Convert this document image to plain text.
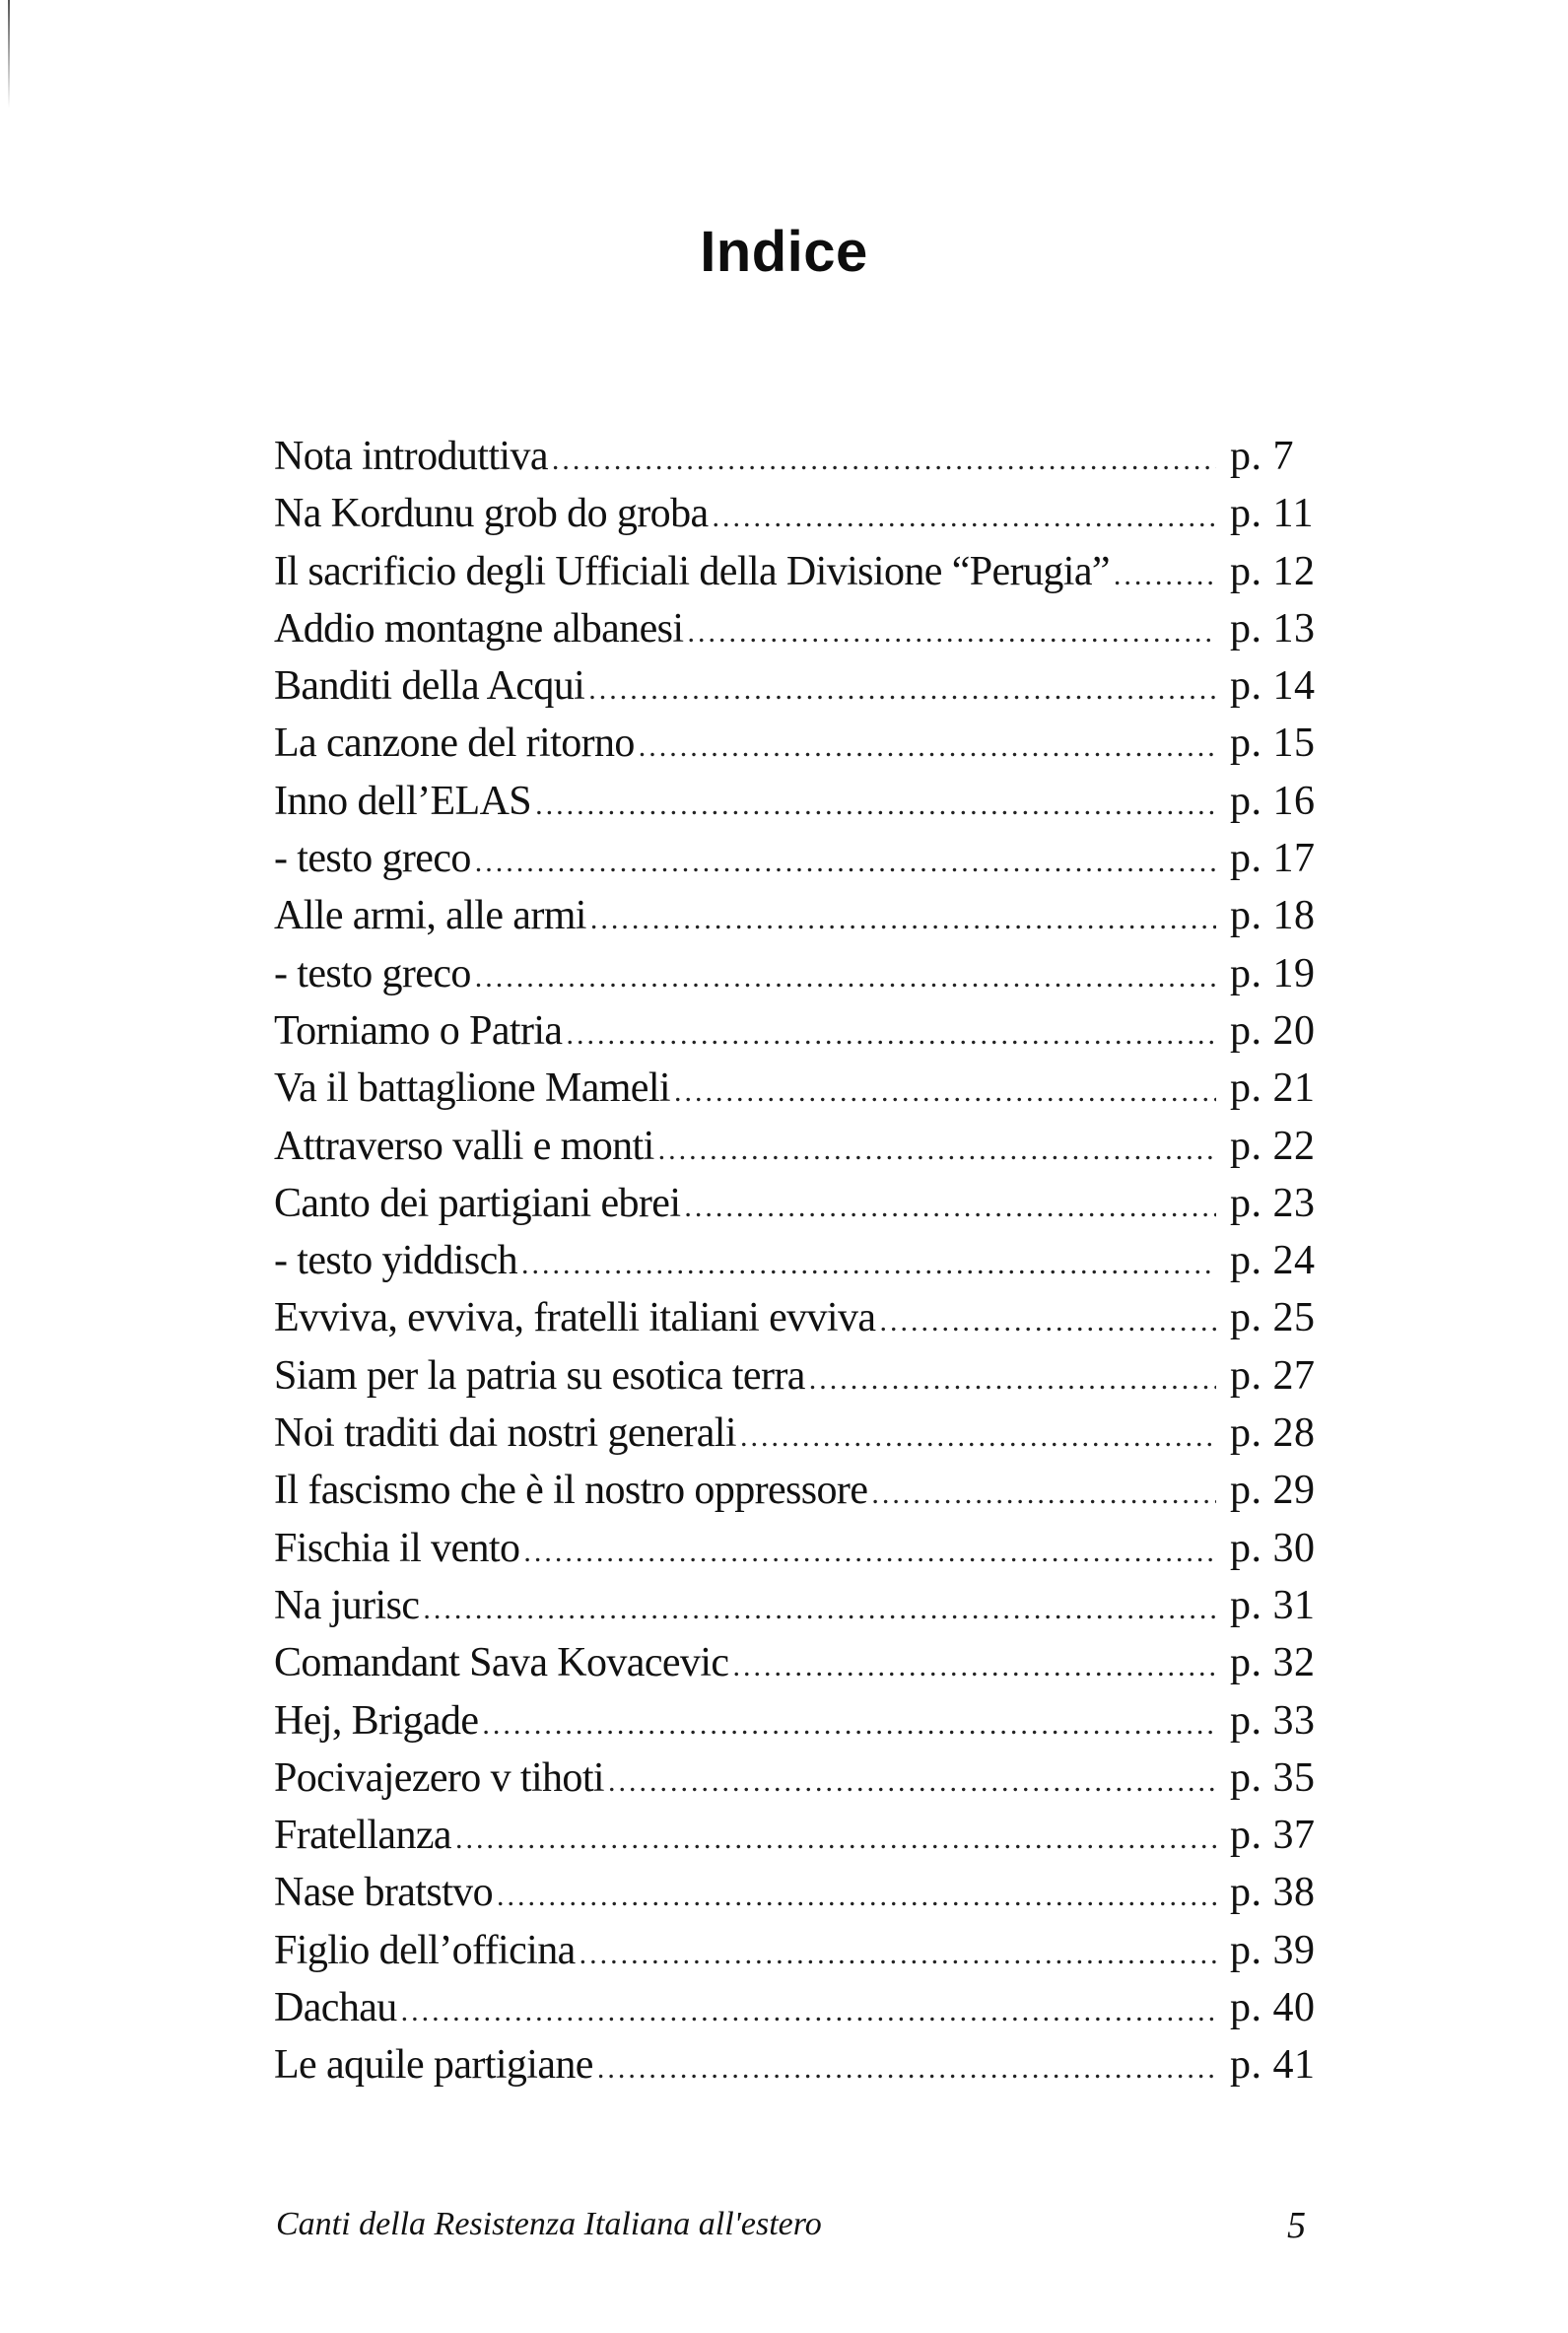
Indice
Nota introduttiva .....	p. 7
Na Kordunu grob do groba .....	p. 11
Il sacrificio degli Ufficiali della Divisione “Perugia” .....	p. 12
Addio montagne albanesi .....	p. 13
Banditi della Acqui .....	p. 14
La canzone del ritorno .....	p. 15
Inno dell’ELAS .....	p. 16
- testo greco .....	p. 17
Alle armi, alle armi .....	p. 18
- testo greco .....	p. 19
Torniamo o Patria .....	p. 20
Va il battaglione Mameli .....	p. 21
Attraverso valli e monti .....	p. 22
Canto dei partigiani ebrei .....	p. 23
- testo yiddisch .....	p. 24
Evviva, evviva, fratelli italiani evviva .....	p. 25
Siam per la patria su esotica terra .....	p. 27
Noi traditi dai nostri generali .....	p. 28
Il fascismo che è il nostro oppressore .....	p. 29
Fischia il vento .....	p. 30
Na jurisc .....	p. 31
Comandant Sava Kovacevic .....	p. 32
Hej, Brigade .....	p. 33
Pocivajezero v tihoti .....	p. 35
Fratellanza .....	p. 37
Nase bratstvo .....	p. 38
Figlio dell’officina .....	p. 39
Dachau .....	p. 40
Le aquile partigiane .....	p. 41
Canti della Resistenza Italiana all'estero	5
